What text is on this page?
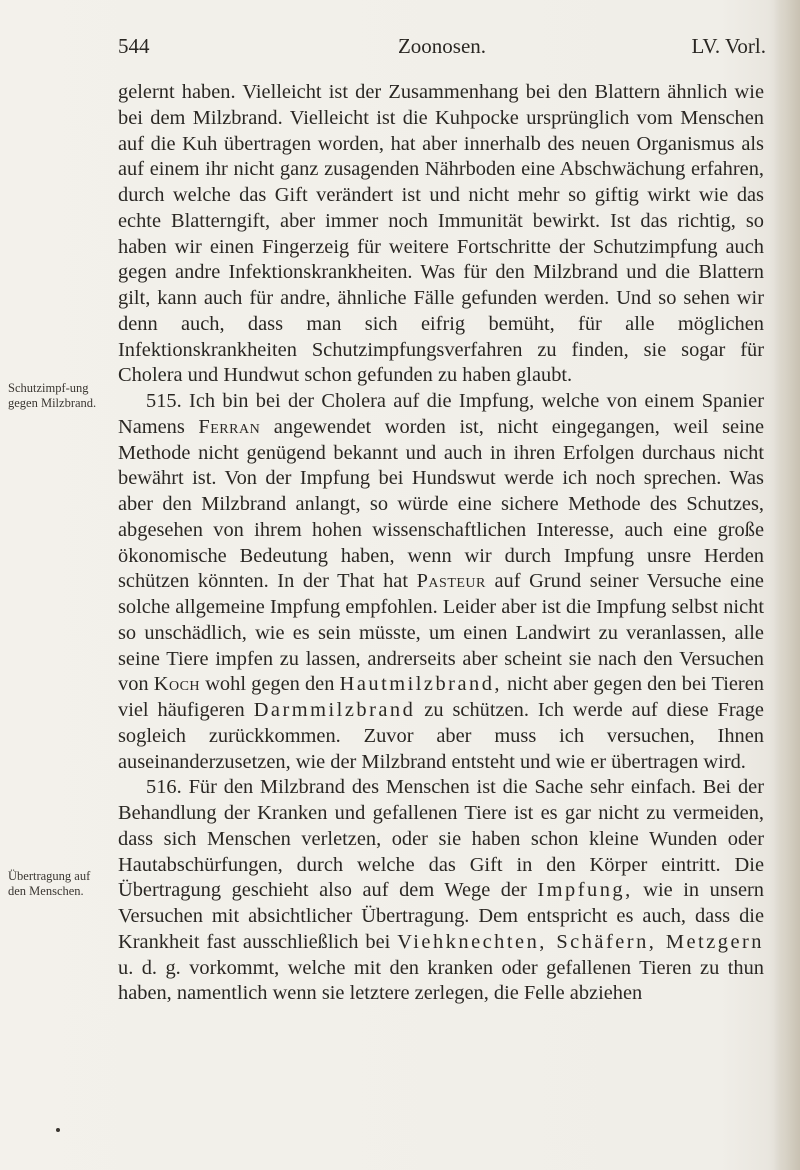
544	Zoonosen.	LV. Vorl.
Schutzimpf-ung gegen Milzbrand.
Übertragung auf den Menschen.

gelernt haben. Vielleicht ist der Zusammenhang bei den Blattern ähnlich wie bei dem Milzbrand. Vielleicht ist die Kuhpocke ursprünglich vom Menschen auf die Kuh übertragen worden, hat aber innerhalb des neuen Organismus als auf einem ihr nicht ganz zusagenden Nährboden eine Abschwächung erfahren, durch welche das Gift verändert ist und nicht mehr so giftig wirkt wie das echte Blatterngift, aber immer noch Immunität bewirkt. Ist das richtig, so haben wir einen Fingerzeig für weitere Fortschritte der Schutzimpfung auch gegen andre Infektionskrankheiten. Was für den Milzbrand und die Blattern gilt, kann auch für andre, ähnliche Fälle gefunden werden. Und so sehen wir denn auch, dass man sich eifrig bemüht, für alle möglichen Infektionskrankheiten Schutzimpfungsverfahren zu finden, sie sogar für Cholera und Hundwut schon gefunden zu haben glaubt.

515. Ich bin bei der Cholera auf die Impfung, welche von einem Spanier Namens Ferran angewendet worden ist, nicht eingegangen, weil seine Methode nicht genügend bekannt und auch in ihren Erfolgen durchaus nicht bewährt ist. Von der Impfung bei Hundswut werde ich noch sprechen. Was aber den Milzbrand anlangt, so würde eine sichere Methode des Schutzes, abgesehen von ihrem hohen wissenschaftlichen Interesse, auch eine große ökonomische Bedeutung haben, wenn wir durch Impfung unsre Herden schützen könnten. In der That hat Pasteur auf Grund seiner Versuche eine solche allgemeine Impfung empfohlen. Leider aber ist die Impfung selbst nicht so unschädlich, wie es sein müsste, um einen Landwirt zu veranlassen, alle seine Tiere impfen zu lassen, andrerseits aber scheint sie nach den Versuchen von Koch wohl gegen den Hautmilzbrand, nicht aber gegen den bei Tieren viel häufigeren Darmmilzbrand zu schützen. Ich werde auf diese Frage sogleich zurückkommen. Zuvor aber muss ich versuchen, Ihnen auseinanderzusetzen, wie der Milzbrand entsteht und wie er übertragen wird.

516. Für den Milzbrand des Menschen ist die Sache sehr einfach. Bei der Behandlung der Kranken und gefallenen Tiere ist es gar nicht zu vermeiden, dass sich Menschen verletzen, oder sie haben schon kleine Wunden oder Hautabschürfungen, durch welche das Gift in den Körper eintritt. Die Übertragung geschieht also auf dem Wege der Impfung, wie in unsern Versuchen mit absichtlicher Übertragung. Dem entspricht es auch, dass die Krankheit fast ausschließlich bei Viehknechten, Schäfern, Metzgern u. d. g. vorkommt, welche mit den kranken oder gefallenen Tieren zu thun haben, namentlich wenn sie letztere zerlegen, die Felle abziehen
